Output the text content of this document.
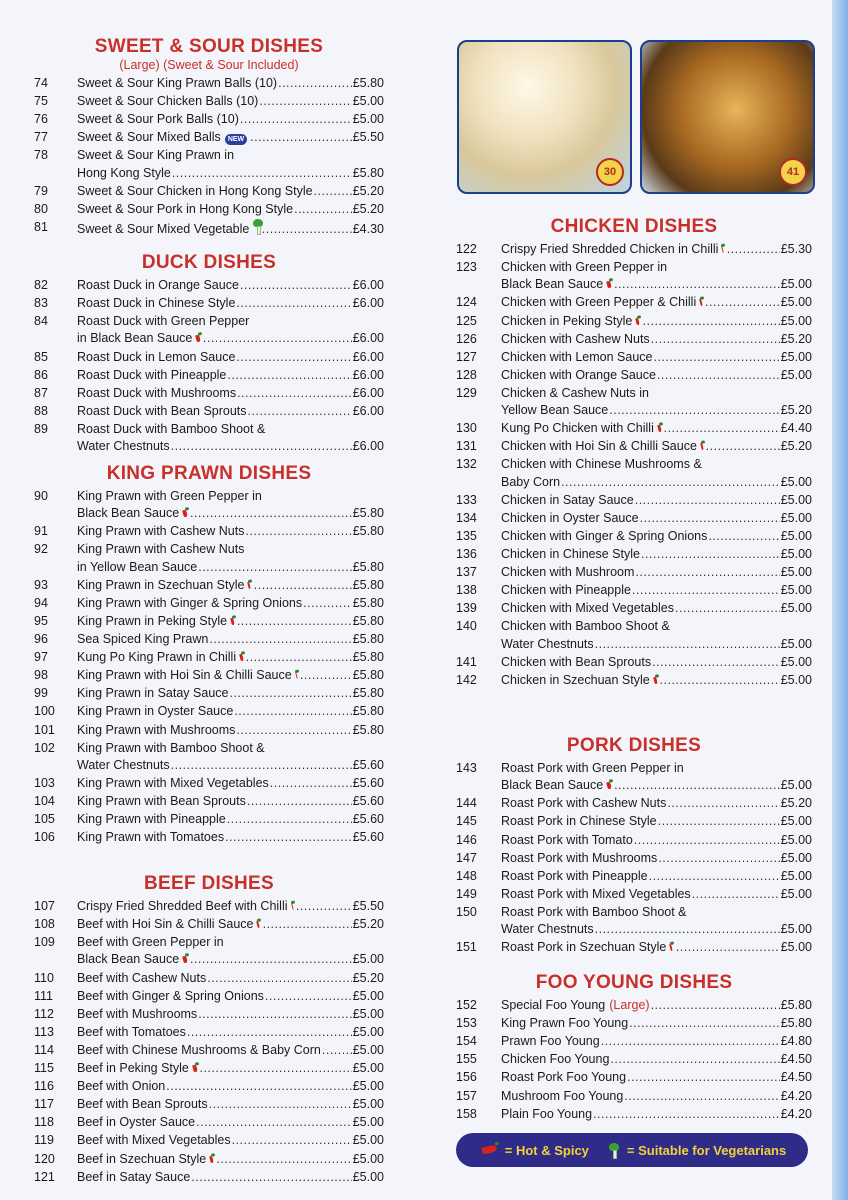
30	41
SWEET & SOUR DISHES
(Large) (Sweet & Sour Included)
74	Sweet & Sour King Prawn Balls (10) .....	£5.80
75	Sweet & Sour Chicken Balls (10) .....	£5.00
76	Sweet & Sour Pork Balls (10) .....	£5.00
77	Sweet & Sour Mixed Balls	NEW .....	£5.50
78	Sweet & Sour King Prawn in
Hong Kong Style .....	£5.80
79	Sweet & Sour Chicken in Hong Kong Style .....	£5.20
80	Sweet & Sour Pork in Hong Kong Style .....	£5.20
81	Sweet & Sour Mixed Vegetable .....	£4.30
DUCK DISHES
82	Roast Duck in Orange Sauce .....	£6.00
83	Roast Duck in Chinese Style .....	£6.00
84	Roast Duck with Green Pepper
in Black Bean Sauce .....	£6.00
85	Roast Duck in Lemon Sauce .....	£6.00
86	Roast Duck with Pineapple .....	£6.00
87	Roast Duck with Mushrooms .....	£6.00
88	Roast Duck with Bean Sprouts .....	£6.00
89	Roast Duck with Bamboo Shoot &
Water Chestnuts .....	£6.00
KING PRAWN DISHES
90	King Prawn with Green Pepper in
Black Bean Sauce .....	£5.80
91	King Prawn with Cashew Nuts .....	£5.80
92	King Prawn with Cashew Nuts
in Yellow Bean Sauce .....	£5.80
93	King Prawn in Szechuan Style .....	£5.80
94	King Prawn with Ginger & Spring Onions .....	£5.80
95	King Prawn in Peking Style .....	£5.80
96	Sea Spiced King Prawn .....	£5.80
97	Kung Po King Prawn in Chilli .....	£5.80
98	King Prawn with Hoi Sin & Chilli Sauce .....	£5.80
99	King Prawn in Satay Sauce .....	£5.80
100	King Prawn in Oyster Sauce .....	£5.80
101	King Prawn with Mushrooms .....	£5.80
102	King Prawn with Bamboo Shoot &
Water Chestnuts .....	£5.60
103	King Prawn with Mixed Vegetables .....	£5.60
104	King Prawn with Bean Sprouts .....	£5.60
105	King Prawn with Pineapple .....	£5.60
106	King Prawn with Tomatoes .....	£5.60
BEEF DISHES
107	Crispy Fried Shredded Beef with Chilli .....	£5.50
108	Beef with Hoi Sin & Chilli Sauce .....	£5.20
109	Beef with Green Pepper in
Black Bean Sauce .....	£5.00
110	Beef with Cashew Nuts .....	£5.20
111	Beef with Ginger & Spring Onions .....	£5.00
112	Beef with Mushrooms .....	£5.00
113	Beef with Tomatoes .....	£5.00
114	Beef with Chinese Mushrooms & Baby Corn .....	£5.00
115	Beef in Peking Style .....	£5.00
116	Beef with Onion .....	£5.00
117	Beef with Bean Sprouts .....	£5.00
118	Beef in Oyster Sauce .....	£5.00
119	Beef with Mixed Vegetables .....	£5.00
120	Beef in Szechuan Style .....	£5.00
121	Beef in Satay Sauce .....	£5.00
CHICKEN DISHES
122	Crispy Fried Shredded Chicken in Chilli .....	£5.30
123	Chicken with Green Pepper in
Black Bean Sauce .....	£5.00
124	Chicken with Green Pepper & Chilli .....	£5.00
125	Chicken in Peking Style .....	£5.00
126	Chicken with Cashew Nuts .....	£5.20
127	Chicken with Lemon Sauce .....	£5.00
128	Chicken with Orange Sauce .....	£5.00
129	Chicken & Cashew Nuts in
Yellow Bean Sauce .....	£5.20
130	Kung Po Chicken with Chilli .....	£4.40
131	Chicken with Hoi Sin & Chilli Sauce .....	£5.20
132	Chicken with Chinese Mushrooms &
Baby Corn .....	£5.00
133	Chicken in Satay Sauce .....	£5.00
134	Chicken in Oyster Sauce .....	£5.00
135	Chicken with Ginger & Spring Onions .....	£5.00
136	Chicken in Chinese Style .....	£5.00
137	Chicken with Mushroom .....	£5.00
138	Chicken with Pineapple .....	£5.00
139	Chicken with Mixed Vegetables .....	£5.00
140	Chicken with Bamboo Shoot &
Water Chestnuts .....	£5.00
141	Chicken with Bean Sprouts .....	£5.00
142	Chicken in Szechuan Style .....	£5.00
PORK DISHES
143	Roast Pork with Green Pepper in
Black Bean Sauce .....	£5.00
144	Roast Pork with Cashew Nuts .....	£5.20
145	Roast Pork in Chinese Style .....	£5.00
146	Roast Pork with Tomato .....	£5.00
147	Roast Pork with Mushrooms .....	£5.00
148	Roast Pork with Pineapple .....	£5.00
149	Roast Pork with Mixed Vegetables .....	£5.00
150	Roast Pork with Bamboo Shoot &
Water Chestnuts .....	£5.00
151	Roast Pork in Szechuan Style .....	£5.00
FOO YOUNG DISHES
152	Special Foo Young (Large) .....	£5.80
153	King Prawn Foo Young .....	£5.80
154	Prawn Foo Young .....	£4.80
155	Chicken Foo Young .....	£4.50
156	Roast Pork Foo Young .....	£4.50
157	Mushroom Foo Young .....	£4.20
158	Plain Foo Young .....	£4.20
= Hot & Spicy	= Suitable for Vegetarians
